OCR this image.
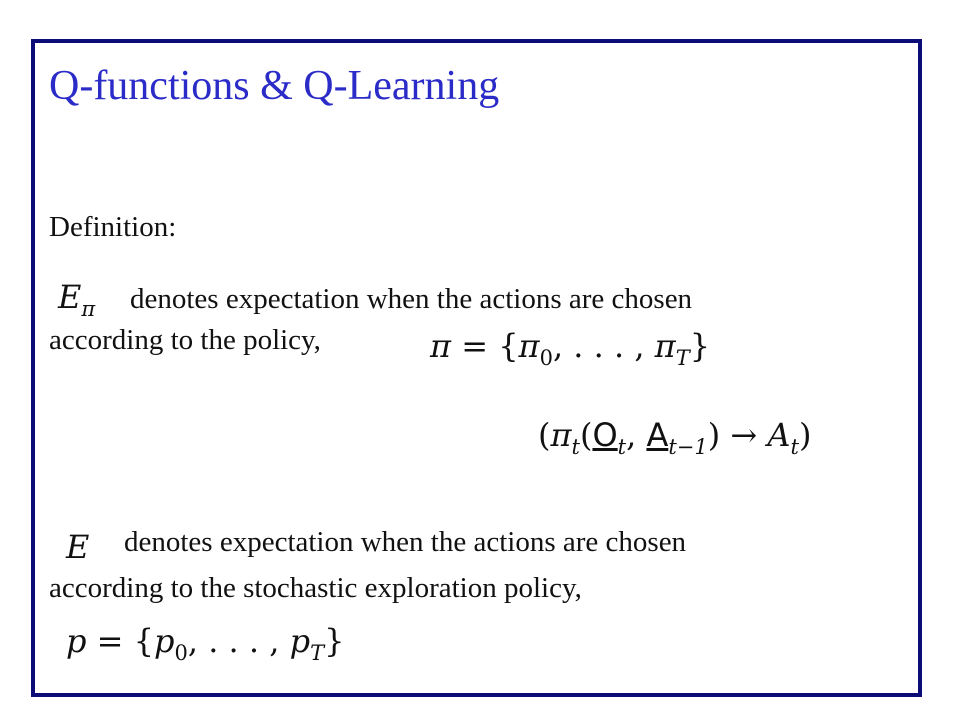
Q-functions & Q-Learning
Definition:
$E_\pi$ denotes expectation when the actions are chosen
according to the policy,	$\pi = \{\pi_0$, . . . , $\pi_T$}
($\pi_t(O_t$, $A_{t-1}) \to A_t$)
E denotes expectation when the actions are chosen
according to the stochastic exploration policy,
$p = \{p_0$, . . . , $p_T$}
